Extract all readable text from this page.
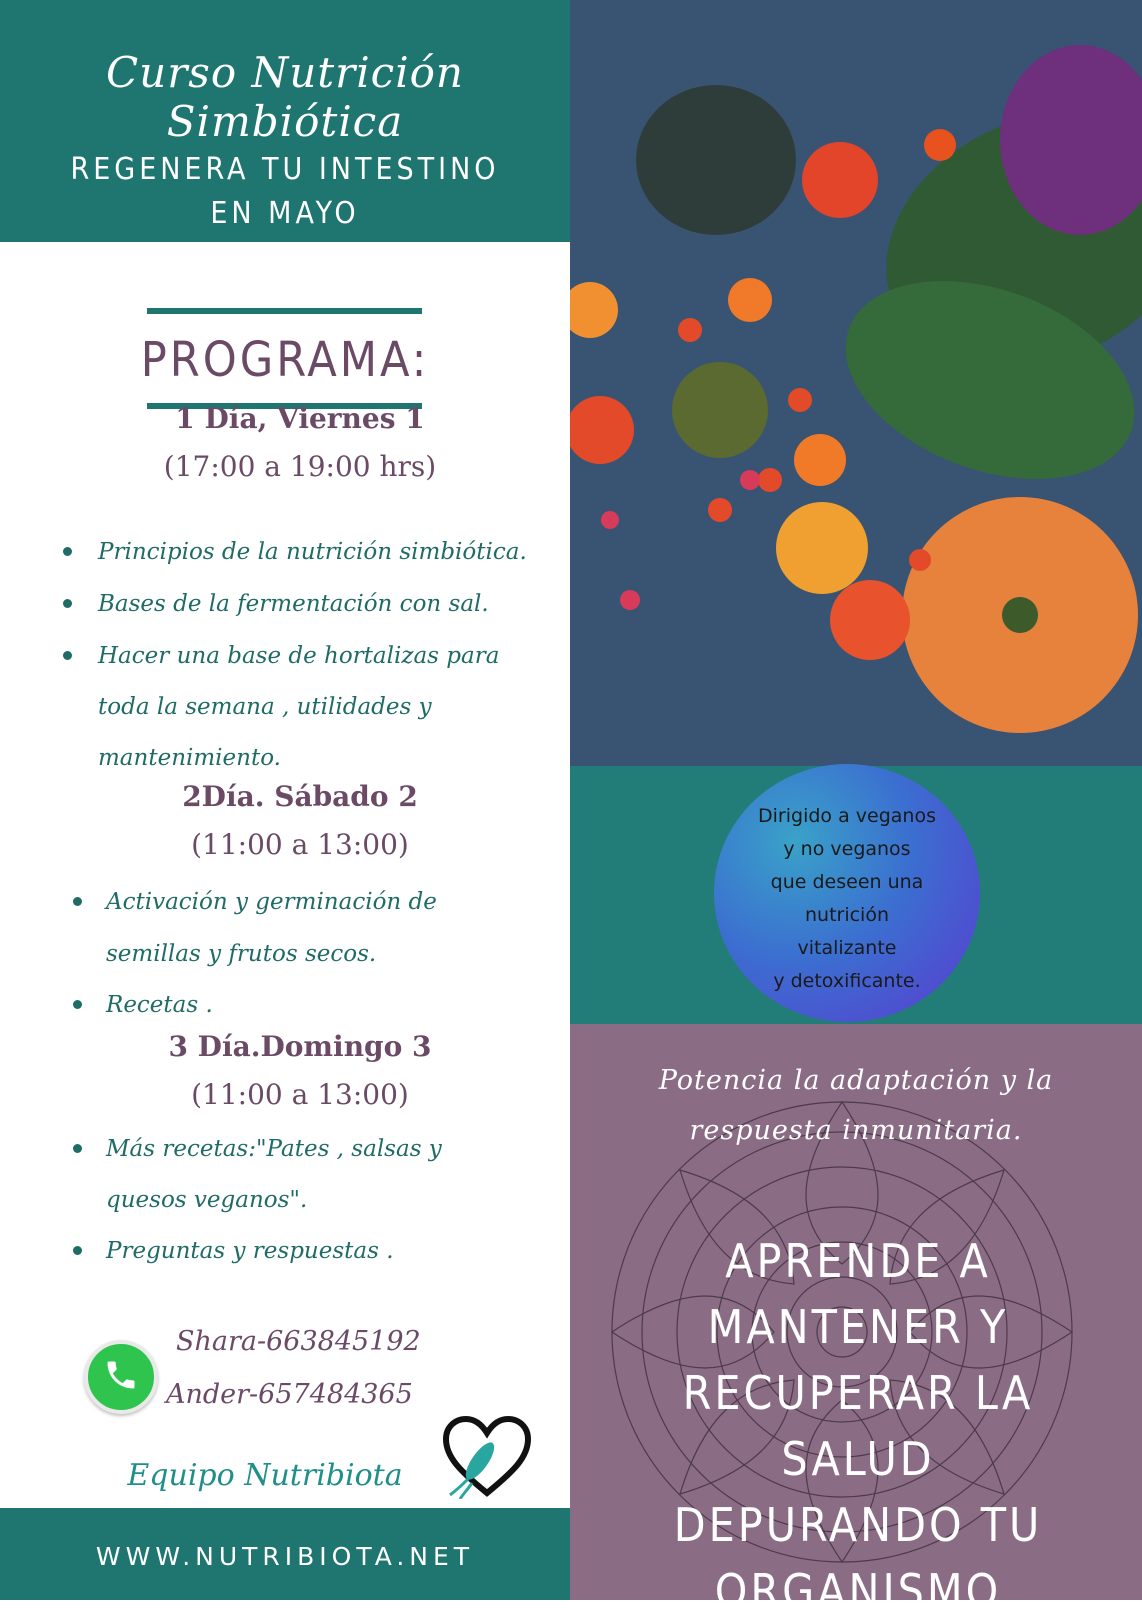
Curso Nutrición Simbiótica
REGENERA TU INTESTINO EN MAYO
PROGRAMA:
1 Día, Viernes 1
(17:00 a 19:00 hrs)
Principios de la nutrición simbiótica.
Bases de la fermentación con sal.
Hacer una base de hortalizas para
toda la semana , utilidades y
mantenimiento.
2Día. Sábado 2
(11:00 a 13:00)
Activación y germinación de
semillas y frutos secos.
Recetas .
3 Día.Domingo 3
(11:00 a 13:00)
Más recetas:"Pates , salsas y
quesos veganos".
Preguntas y respuestas .
Shara-663845192
Ander-657484365
Equipo Nutribiota
WWW.NUTRIBIOTA.NET
Dirigido a veganos
y no veganos
que deseen una
nutrición
vitalizante
y detoxificante.
Potencia la adaptación y la
respuesta inmunitaria.
APRENDE A MANTENER Y
RECUPERAR LA SALUD
DEPURANDO TU
ORGANISMO
